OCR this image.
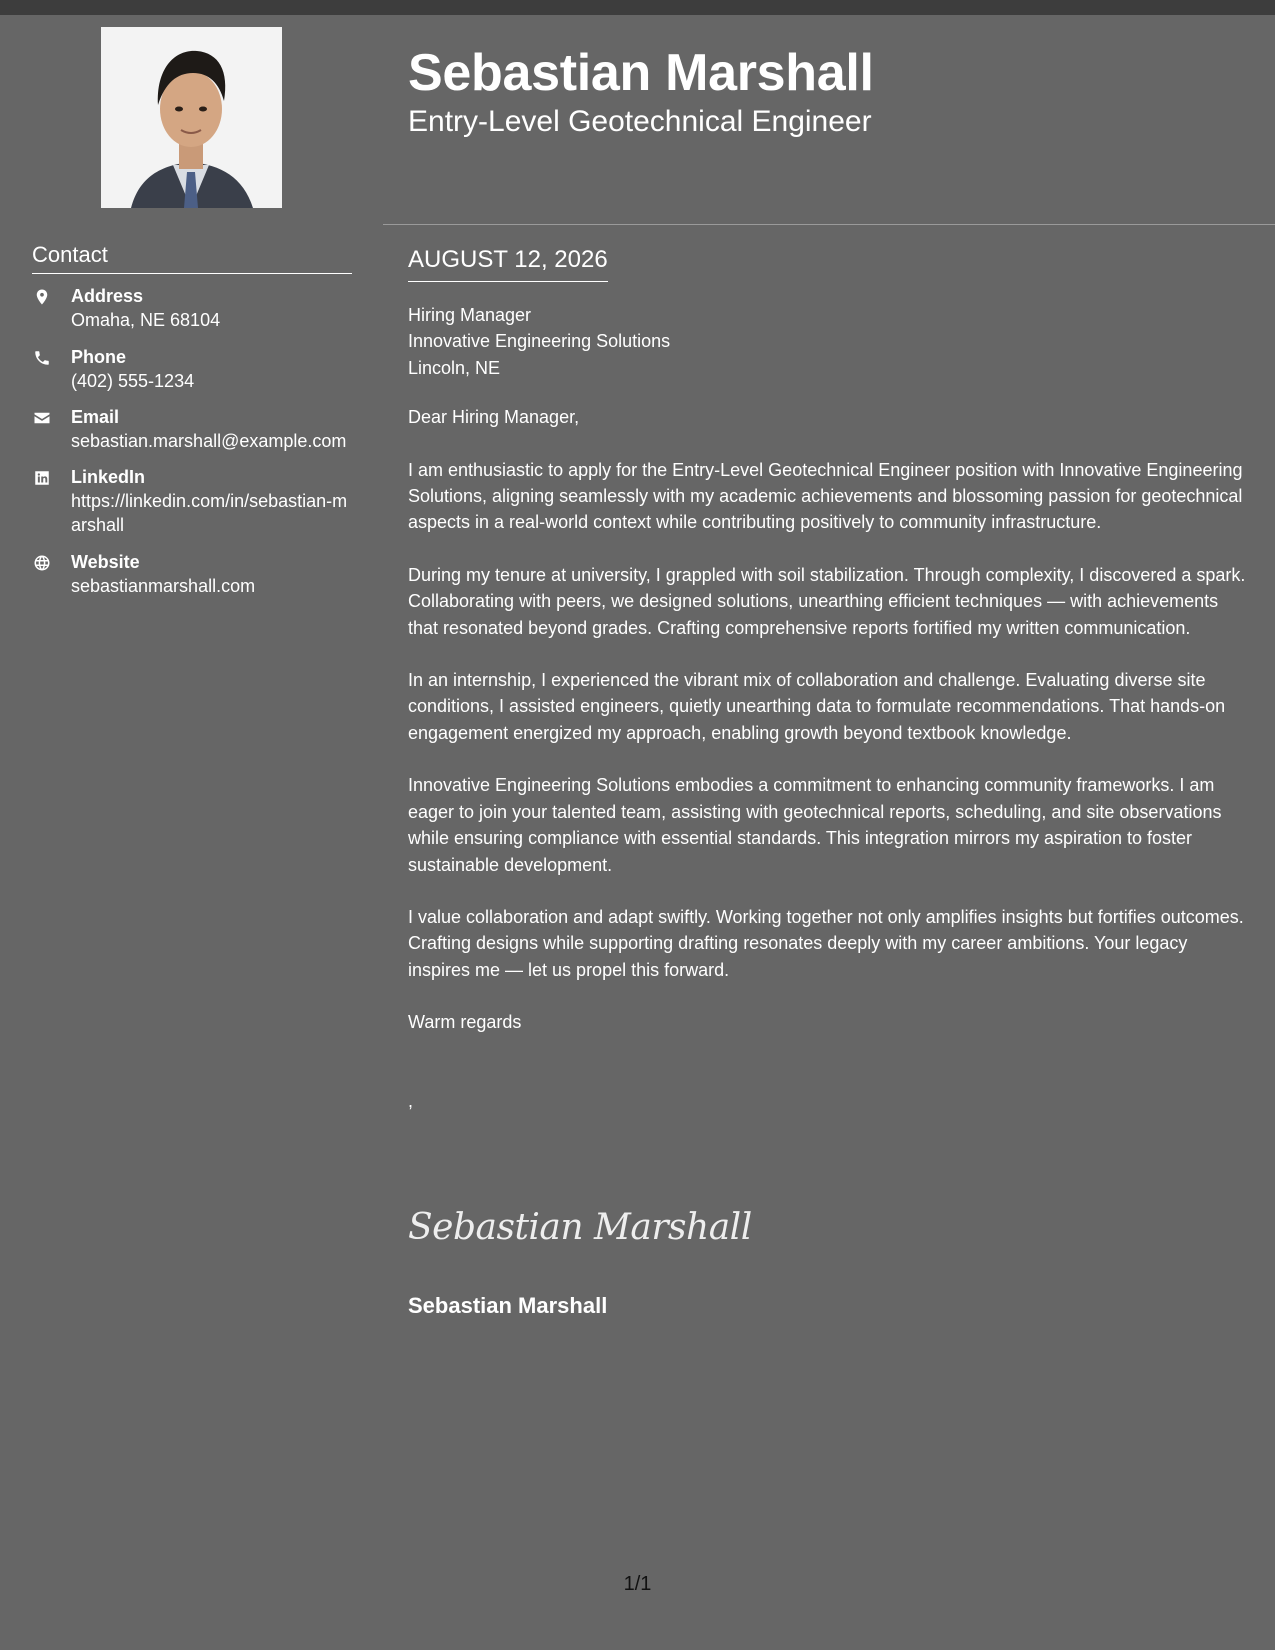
Contact
Address
Omaha, NE 68104
Phone
(402) 555-1234
Email
sebastian.marshall@example.com
LinkedIn
https://linkedin.com/in/sebastian-marshall
Website
sebastianmarshall.com
Sebastian Marshall
Entry-Level Geotechnical Engineer
AUGUST 12, 2026

Hiring Manager

Innovative Engineering Solutions

Lincoln, NE

Dear Hiring Manager,

I am enthusiastic to apply for the Entry-Level Geotechnical Engineer position with Innovative Engineering Solutions, aligning seamlessly with my academic achievements and blossoming passion for geotechnical aspects in a real-world context while contributing positively to community infrastructure.

During my tenure at university, I grappled with soil stabilization. Through complexity, I discovered a spark. Collaborating with peers, we designed solutions, unearthing efficient techniques — with achievements that resonated beyond grades. Crafting comprehensive reports fortified my written communication.

In an internship, I experienced the vibrant mix of collaboration and challenge. Evaluating diverse site conditions, I assisted engineers, quietly unearthing data to formulate recommendations. That hands-on engagement energized my approach, enabling growth beyond textbook knowledge.

Innovative Engineering Solutions embodies a commitment to enhancing community frameworks. I am eager to join your talented team, assisting with geotechnical reports, scheduling, and site observations while ensuring compliance with essential standards. This integration mirrors my aspiration to foster sustainable development.

I value collaboration and adapt swiftly. Working together not only amplifies insights but fortifies outcomes. Crafting designs while supporting drafting resonates deeply with my career ambitions. Your legacy inspires me — let us propel this forward.

Warm regards

,

Sebastian Marshall
Sebastian Marshall
1/1
